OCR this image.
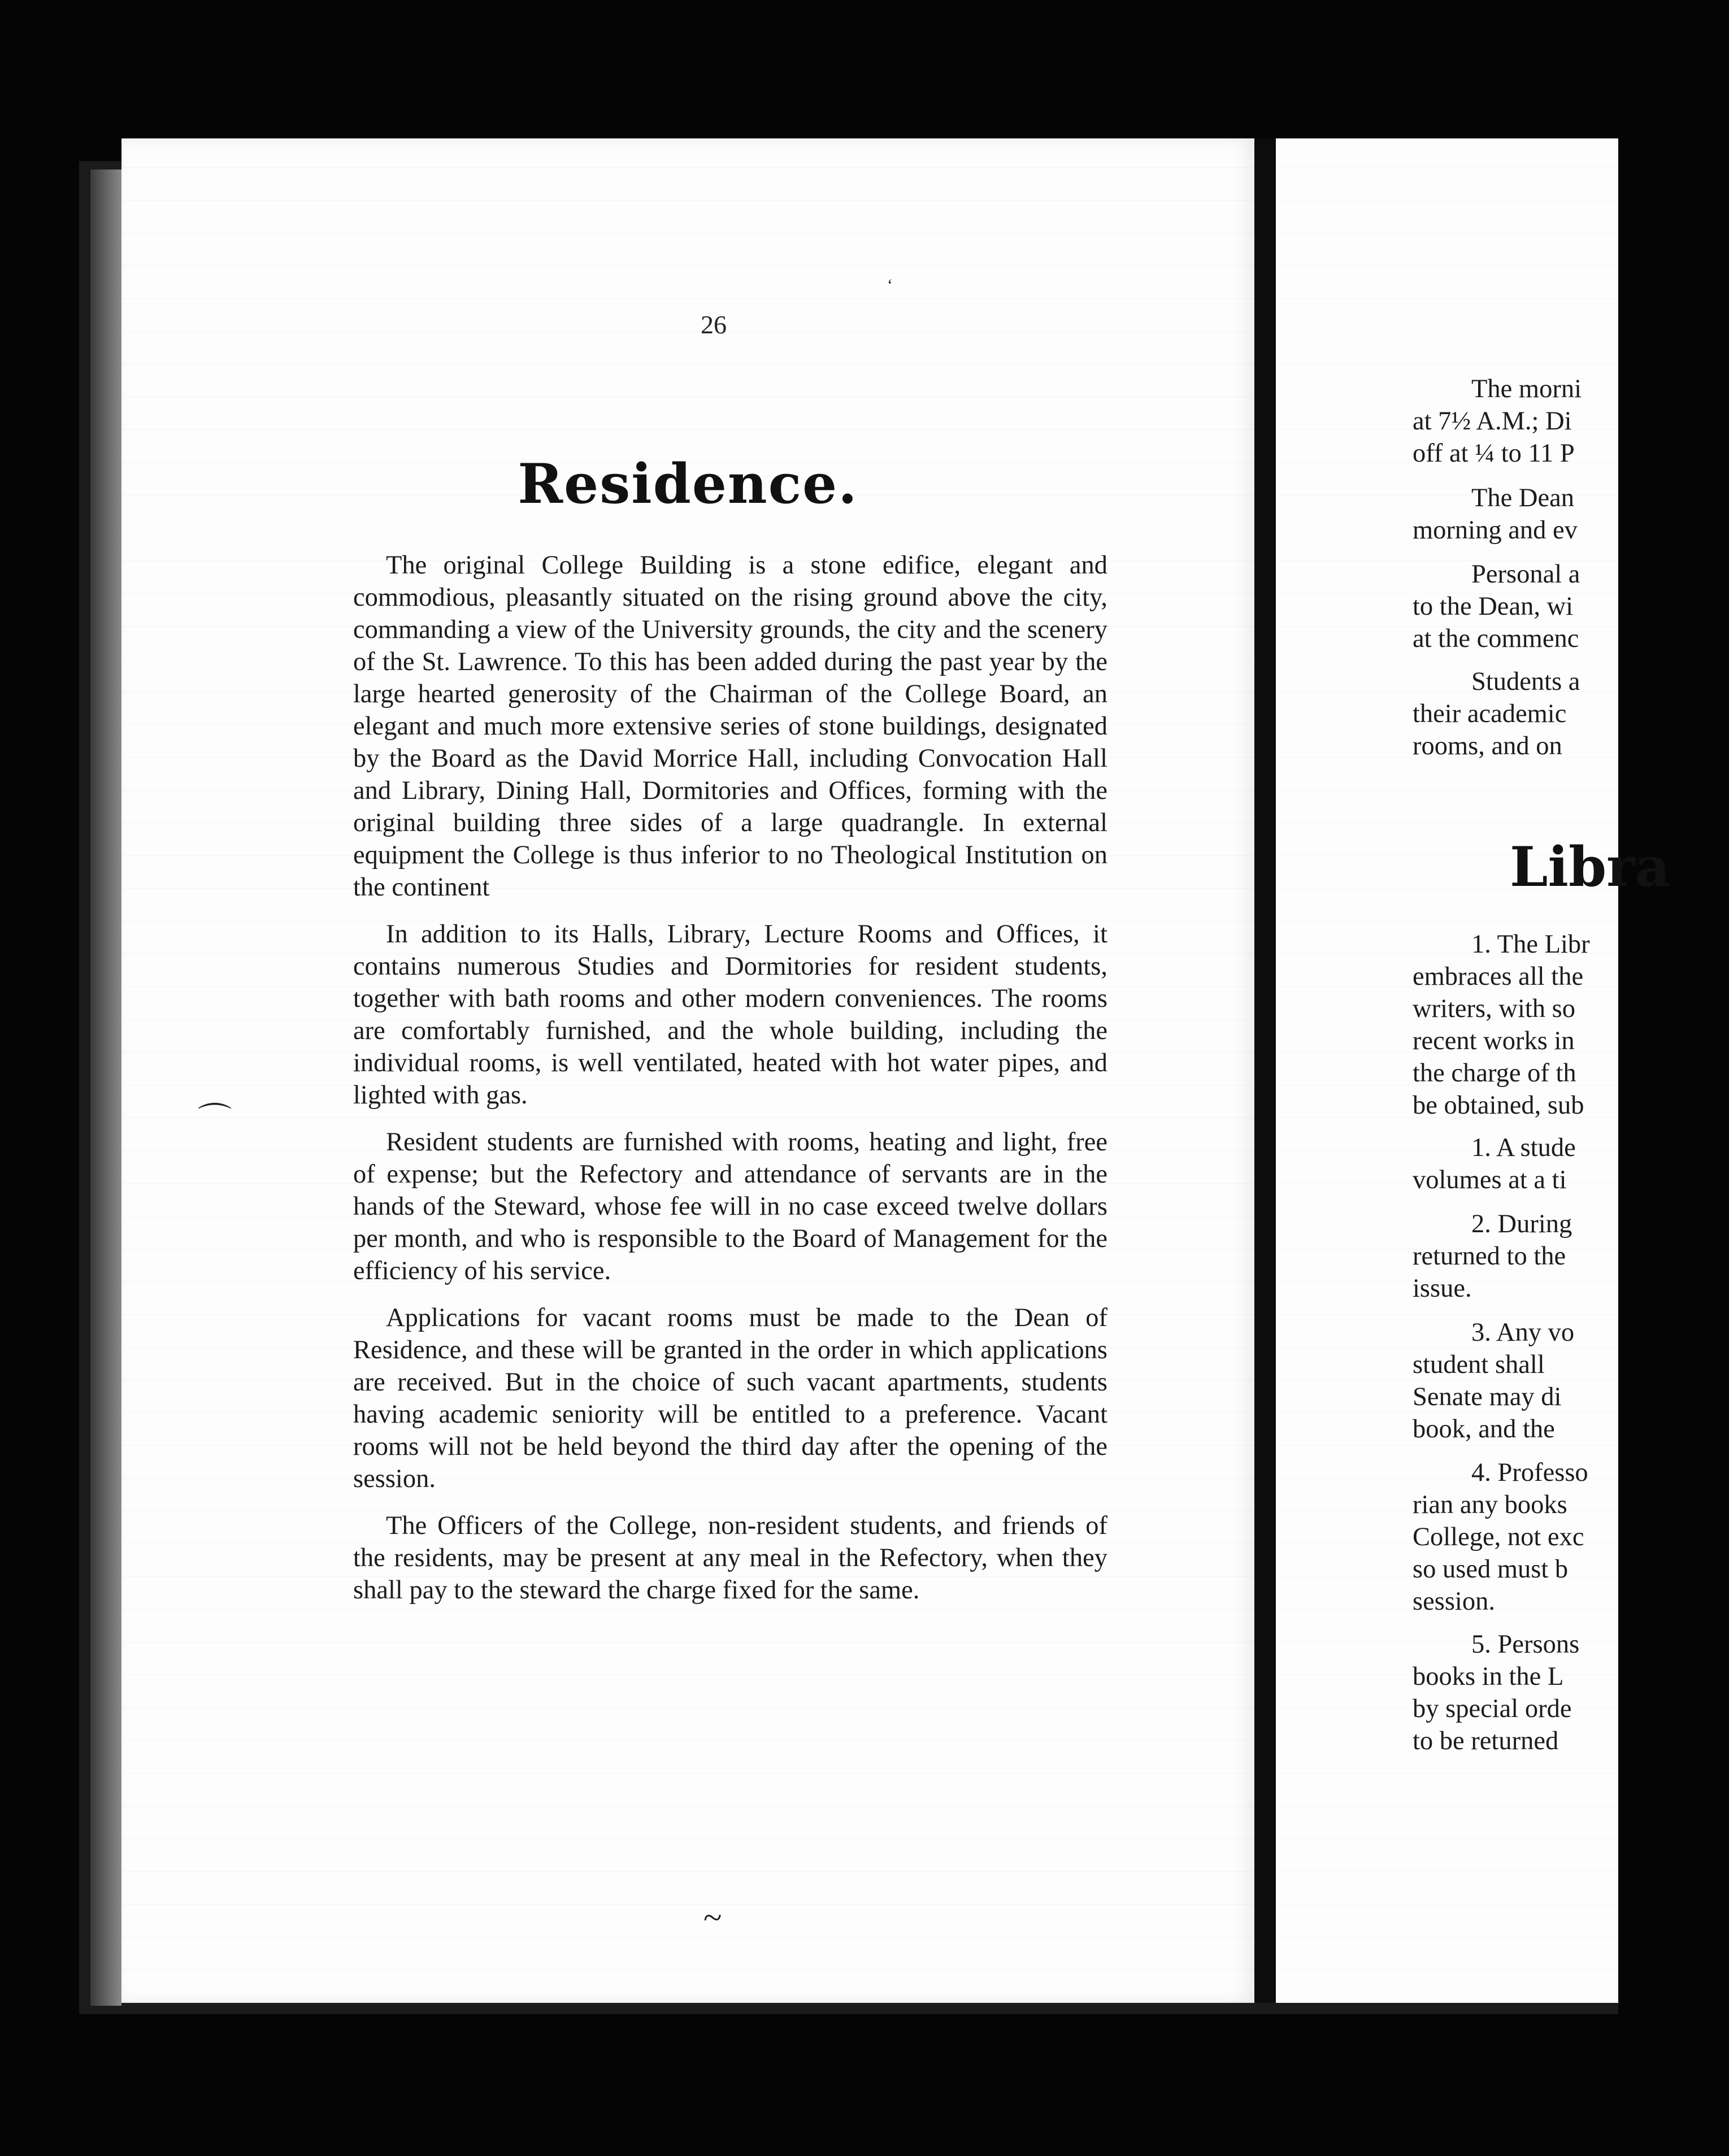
26
Residence.

The original College Building is a stone edifice, elegant and commodious, pleasantly situated on the rising ground above the city, commanding a view of the University grounds, the city and the scenery of the St. Lawrence. To this has been added during the past year by the large hearted generosity of the Chairman of the College Board, an elegant and much more extensive series of stone buildings, designated by the Board as the David Morrice Hall, including Convocation Hall and Library, Dining Hall, Dormitories and Offices, forming with the original building three sides of a large quadrangle. In external equipment the College is thus inferior to no Theological Institution on the continent

In addition to its Halls, Library, Lecture Rooms and Offices, it contains numerous Studies and Dormitories for resident students, together with bath rooms and other modern conveniences. The rooms are comfortably furnished, and the whole building, including the individual rooms, is well ventilated, heated with hot water pipes, and lighted with gas.

Resident students are furnished with rooms, heating and light, free of expense; but the Refectory and attendance of servants are in the hands of the Steward, whose fee will in no case exceed twelve dollars per month, and who is responsible to the Board of Management for the efficiency of his service.

Applications for vacant rooms must be made to the Dean of Residence, and these will be granted in the order in which applications are received. But in the choice of such vacant apartments, students having academic seniority will be entitled to a preference. Vacant rooms will not be held beyond the third day after the opening of the session.

The Officers of the College, non-resident students, and friends of the residents, may be present at any meal in the Refectory, when they shall pay to the steward the charge fixed for the same.

The morni
at 7½ A.M.; Di
off at ¼ to 11 P
The Dean
morning and ev
Personal a
to the Dean, wi
at the commenc
Students a
their academic
rooms, and on
Libra
1. The Libr
embraces all the
writers, with so
recent works in
the charge of th
be obtained, sub
1. A stude
volumes at a ti
2. During
returned to the
issue.
3. Any vo
student shall
Senate may di
book, and the
4. Professo
rian any books
College, not exc
so used must b
session.
5. Persons
books in the L
by special orde
to be returned
ʻ
⌒
~
